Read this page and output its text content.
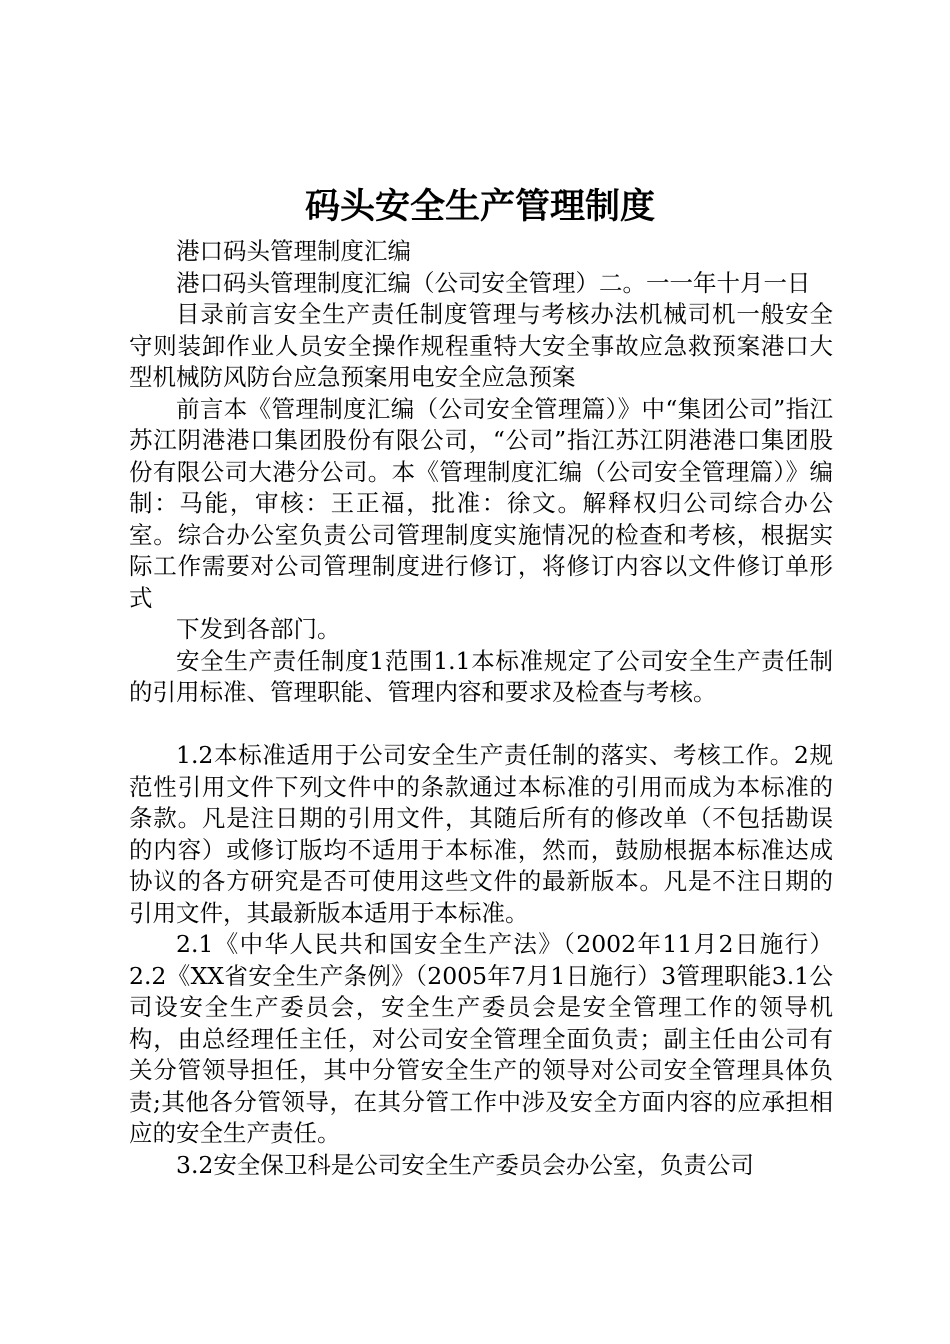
码头安全生产管理制度

港口码头管理制度汇编

港口码头管理制度汇编（公司安全管理）二。一一年十月一日

目录前言安全生产责任制度管理与考核办法机械司机一般安全守则装卸作业人员安全操作规程重特大安全事故应急救预案港口大型机械防风防台应急预案用电安全应急预案

前言本《管理制度汇编（公司安全管理篇）》中“集团公司”指江苏江阴港港口集团股份有限公司，“公司”指江苏江阴港港口集团股份有限公司大港分公司。本《管理制度汇编（公司安全管理篇）》编制：马能，审核：王正福，批准：徐文。解释权归公司综合办公室。综合办公室负责公司管理制度实施情况的检查和考核，根据实际工作需要对公司管理制度进行修订，将修订内容以文件修订单形式

下发到各部门。

安全生产责任制度1范围1.1本标准规定了公司安全生产责任制的引用标准、管理职能、管理内容和要求及检查与考核。

1.2本标准适用于公司安全生产责任制的落实、考核工作。2规范性引用文件下列文件中的条款通过本标准的引用而成为本标准的条款。凡是注日期的引用文件，其随后所有的修改单（不包括勘误的内容）或修订版均不适用于本标准，然而，鼓励根据本标准达成协议的各方研究是否可使用这些文件的最新版本。凡是不注日期的引用文件，其最新版本适用于本标准。

2.1《中华人民共和国安全生产法》（2002年11月2日施行）2.2《XX省安全生产条例》（2005年7月1日施行）3管理职能3.1公司设安全生产委员会，安全生产委员会是安全管理工作的领导机构，由总经理任主任，对公司安全管理全面负责；副主任由公司有关分管领导担任，其中分管安全生产的领导对公司安全管理具体负责;其他各分管领导，在其分管工作中涉及安全方面内容的应承担相应的安全生产责任。

3.2安全保卫科是公司安全生产委员会办公室，负责公司
